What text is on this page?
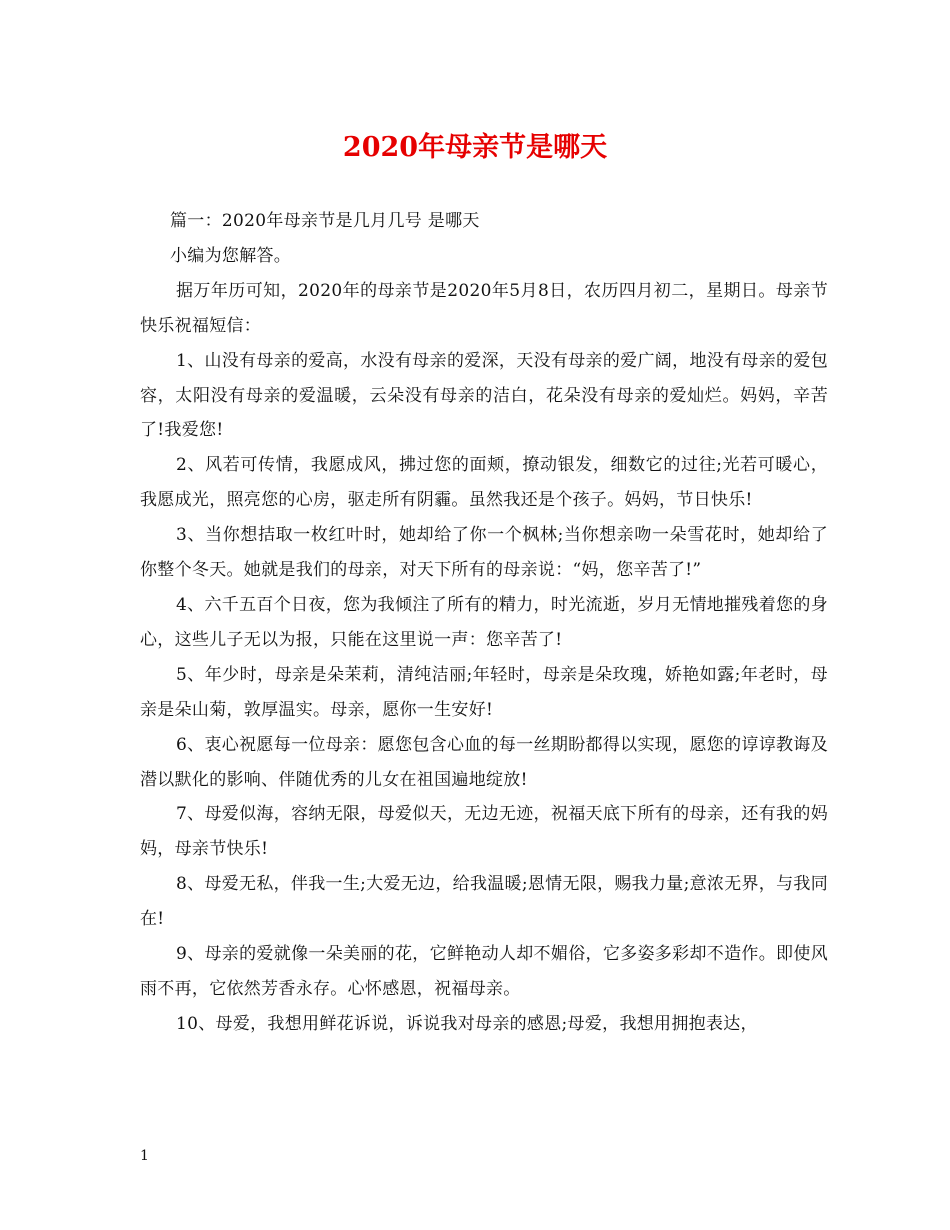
2020年母亲节是哪天

篇一：2020年母亲节是几月几号 是哪天

小编为您解答。

据万年历可知，2020年的母亲节是2020年5月8日，农历四月初二，星期日。母亲节快乐祝福短信：

1、山没有母亲的爱高，水没有母亲的爱深，天没有母亲的爱广阔，地没有母亲的爱包容，太阳没有母亲的爱温暖，云朵没有母亲的洁白，花朵没有母亲的爱灿烂。妈妈，辛苦了!我爱您!

2、风若可传情，我愿成风，拂过您的面颊，撩动银发，细数它的过往;光若可暖心，我愿成光，照亮您的心房，驱走所有阴霾。虽然我还是个孩子。妈妈，节日快乐!

3、当你想拮取一枚红叶时，她却给了你一个枫林;当你想亲吻一朵雪花时，她却给了你整个冬天。她就是我们的母亲，对天下所有的母亲说：“妈，您辛苦了!”

4、六千五百个日夜，您为我倾注了所有的精力，时光流逝，岁月无情地摧残着您的身心，这些儿子无以为报，只能在这里说一声：您辛苦了!

5、年少时，母亲是朵茉莉，清纯洁丽;年轻时，母亲是朵玫瑰，娇艳如露;年老时，母亲是朵山菊，敦厚温实。母亲，愿你一生安好!

6、衷心祝愿每一位母亲：愿您包含心血的每一丝期盼都得以实现，愿您的谆谆教诲及潜以默化的影响、伴随优秀的儿女在祖国遍地绽放!

7、母爱似海，容纳无限，母爱似天，无边无迹，祝福天底下所有的母亲，还有我的妈妈，母亲节快乐!

8、母爱无私，伴我一生;大爱无边，给我温暖;恩情无限，赐我力量;意浓无界，与我同在!

9、母亲的爱就像一朵美丽的花，它鲜艳动人却不媚俗，它多姿多彩却不造作。即使风雨不再，它依然芳香永存。心怀感恩，祝福母亲。

10、母爱，我想用鲜花诉说，诉说我对母亲的感恩;母爱，我想用拥抱表达，

1
